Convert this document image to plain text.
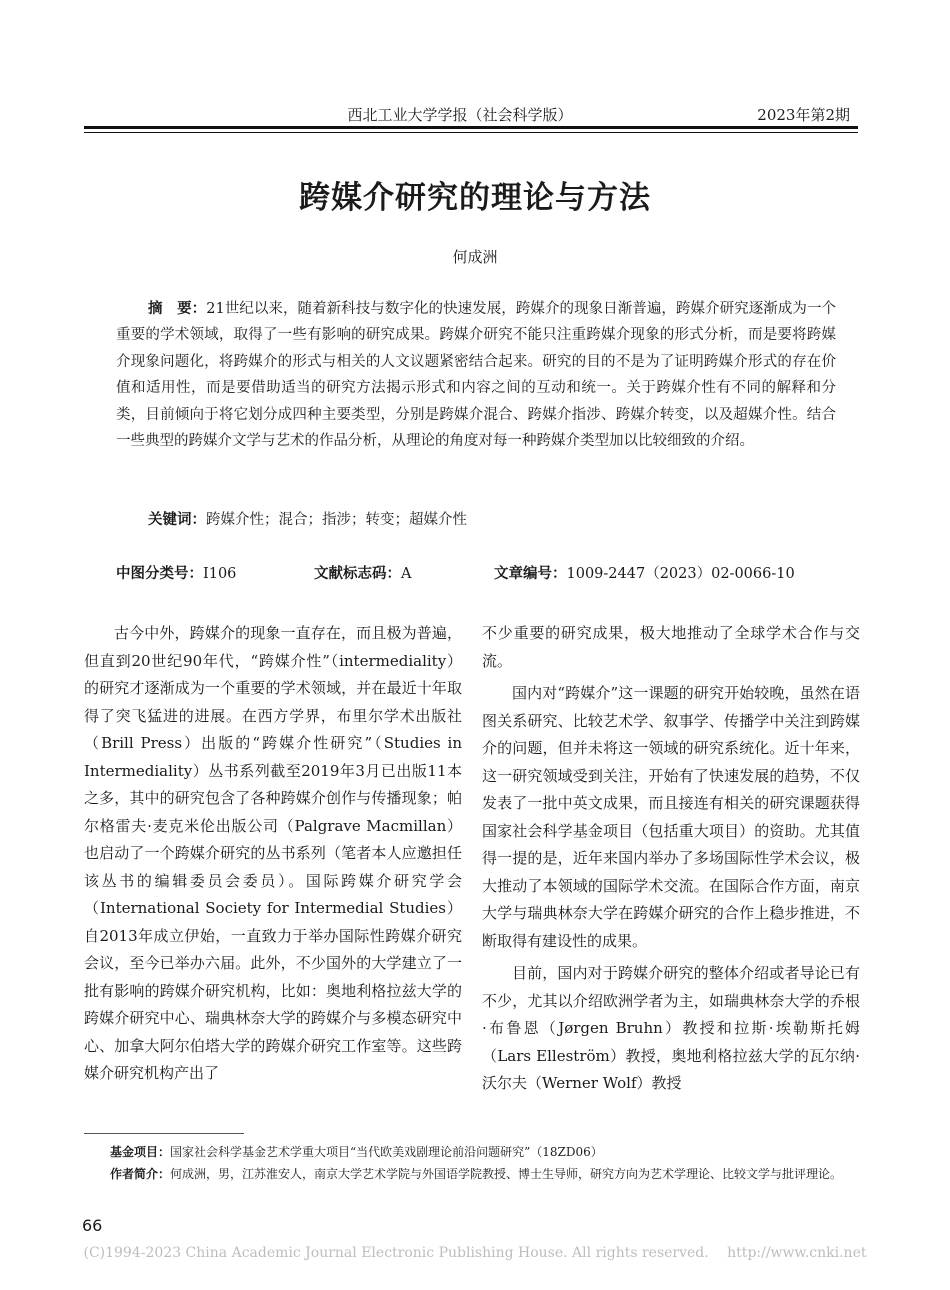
西北工业大学学报（社会科学版）	2023年第2期
跨媒介研究的理论与方法
何成洲
摘　要：21世纪以来，随着新科技与数字化的快速发展，跨媒介的现象日渐普遍，跨媒介研究逐渐成为一个重要的学术领域，取得了一些有影响的研究成果。跨媒介研究不能只注重跨媒介现象的形式分析，而是要将跨媒介现象问题化，将跨媒介的形式与相关的人文议题紧密结合起来。研究的目的不是为了证明跨媒介形式的存在价值和适用性，而是要借助适当的研究方法揭示形式和内容之间的互动和统一。关于跨媒介性有不同的解释和分类，目前倾向于将它划分成四种主要类型，分别是跨媒介混合、跨媒介指涉、跨媒介转变，以及超媒介性。结合一些典型的跨媒介文学与艺术的作品分析，从理论的角度对每一种跨媒介类型加以比较细致的介绍。
关键词：跨媒介性；混合；指涉；转变；超媒介性
中图分类号：I106	文献标志码：A	文章编号：1009-2447（2023）02-0066-10

古今中外，跨媒介的现象一直存在，而且极为普遍，但直到20世纪90年代，“跨媒介性”（intermediality）的研究才逐渐成为一个重要的学术领域，并在最近十年取得了突飞猛进的进展。在西方学界，布里尔学术出版社（Brill Press）出版的“跨媒介性研究”（Studies in Intermediality）丛书系列截至2019年3月已出版11本之多，其中的研究包含了各种跨媒介创作与传播现象；帕尔格雷夫·麦克米伦出版公司（Palgrave Macmillan）也启动了一个跨媒介研究的丛书系列（笔者本人应邀担任该丛书的编辑委员会委员）。国际跨媒介研究学会（International Society for Intermedial Studies）自2013年成立伊始，一直致力于举办国际性跨媒介研究会议，至今已举办六届。此外，不少国外的大学建立了一批有影响的跨媒介研究机构，比如：奥地利格拉兹大学的跨媒介研究中心、瑞典林奈大学的跨媒介与多模态研究中心、加拿大阿尔伯塔大学的跨媒介研究工作室等。这些跨媒介研究机构产出了

不少重要的研究成果，极大地推动了全球学术合作与交流。

国内对“跨媒介”这一课题的研究开始较晚，虽然在语图关系研究、比较艺术学、叙事学、传播学中关注到跨媒介的问题，但并未将这一领域的研究系统化。近十年来，这一研究领域受到关注，开始有了快速发展的趋势，不仅发表了一批中英文成果，而且接连有相关的研究课题获得国家社会科学基金项目（包括重大项目）的资助。尤其值得一提的是，近年来国内举办了多场国际性学术会议，极大推动了本领域的国际学术交流。在国际合作方面，南京大学与瑞典林奈大学在跨媒介研究的合作上稳步推进，不断取得有建设性的成果。

目前，国内对于跨媒介研究的整体介绍或者导论已有不少，尤其以介绍欧洲学者为主，如瑞典林奈大学的乔根·布鲁恩（Jørgen Bruhn）教授和拉斯·埃勒斯托姆（Lars Elleström）教授，奥地利格拉兹大学的瓦尔纳·沃尔夫（Werner Wolf）教授

基金项目：国家社会科学基金艺术学重大项目“当代欧美戏剧理论前沿问题研究”（18ZD06）
作者简介：何成洲，男，江苏淮安人，南京大学艺术学院与外国语学院教授、博士生导师，研究方向为艺术学理论、比较文学与批评理论。
66
(C)1994-2023 China Academic Journal Electronic Publishing House. All rights reserved.　 http://www.cnki.net
